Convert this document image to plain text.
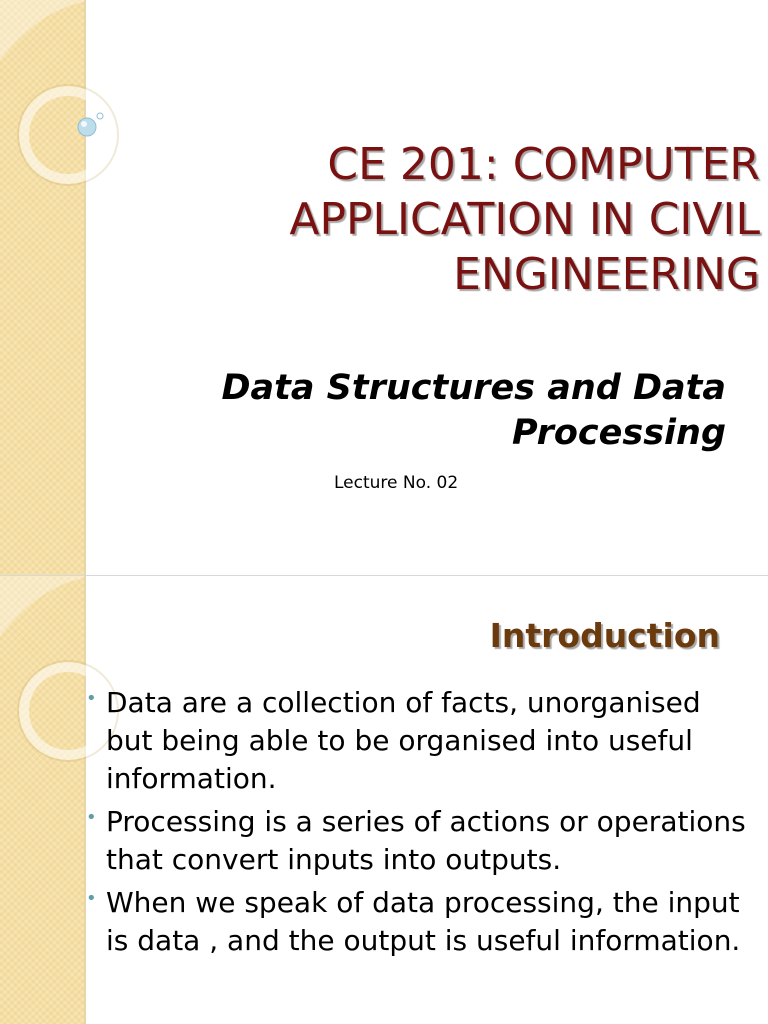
CE 201: COMPUTER APPLICATION IN CIVIL ENGINEERING
Data Structures and Data Processing

Lecture No. 02

Introduction
• Data are a collection of facts, unorganised but being able to be organised into useful information.
• Processing is a series of actions or operations that convert inputs into outputs.
• When we speak of data processing, the input is data , and the output is useful information.
